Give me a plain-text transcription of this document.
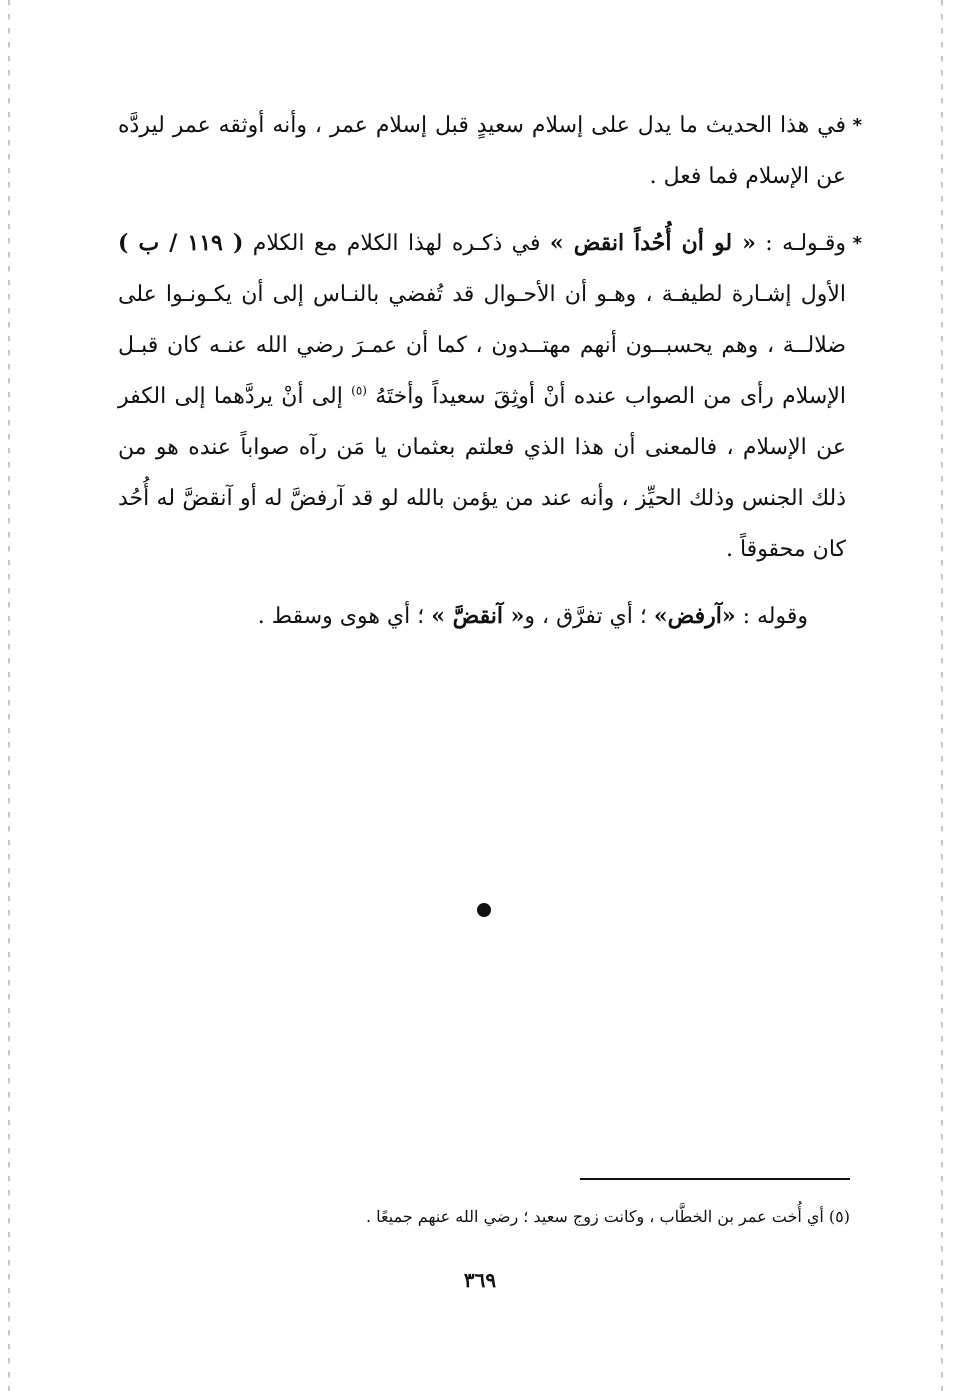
*
في هذا الحديث ما يدل على إسلام سعيدٍ قبل إسلام عمر ، وأنه أوثقه عمر ليردَّه عن الإسلام فما فعل .

*
وقـولـه : « لو أن أُحُداً انقض » في ذكـره لهذا الكلام مع الكلام ( ١١٩ / ب ) الأول إشـارة لطيفـة ، وهـو أن الأحـوال قد تُفضي بالنـاس إلى أن يكـونـوا على ضلالــة ، وهم يحسبــون أنهم مهتــدون ، كما أن عمـرَ رضي الله عنـه كان قبـل الإسلام رأى من الصواب عنده أنْ أوثِقَ سعيداً وأختَهُ $^{(٥)}$ إلى أنْ يردَّهما إلى الكفر عن الإسلام ، فالمعنى أن هذا الذي فعلتم بعثمان يا مَن رآه صواباً عنده هو من ذلك الجنس وذلك الحيِّز ، وأنه عند من يؤمن بالله لو قد آرفضَّ له أو آنقضَّ له أُحُد كان محقوقاً .

وقوله : «آرفض» ؛ أي تفرَّق ، و« آنقضَّ » ؛ أي هوى وسقط .

(٥) أي أُخت عمر بن الخطَّاب ، وكانت زوج سعيد ؛ رضي الله عنهم جميعًا .
٣٦٩
